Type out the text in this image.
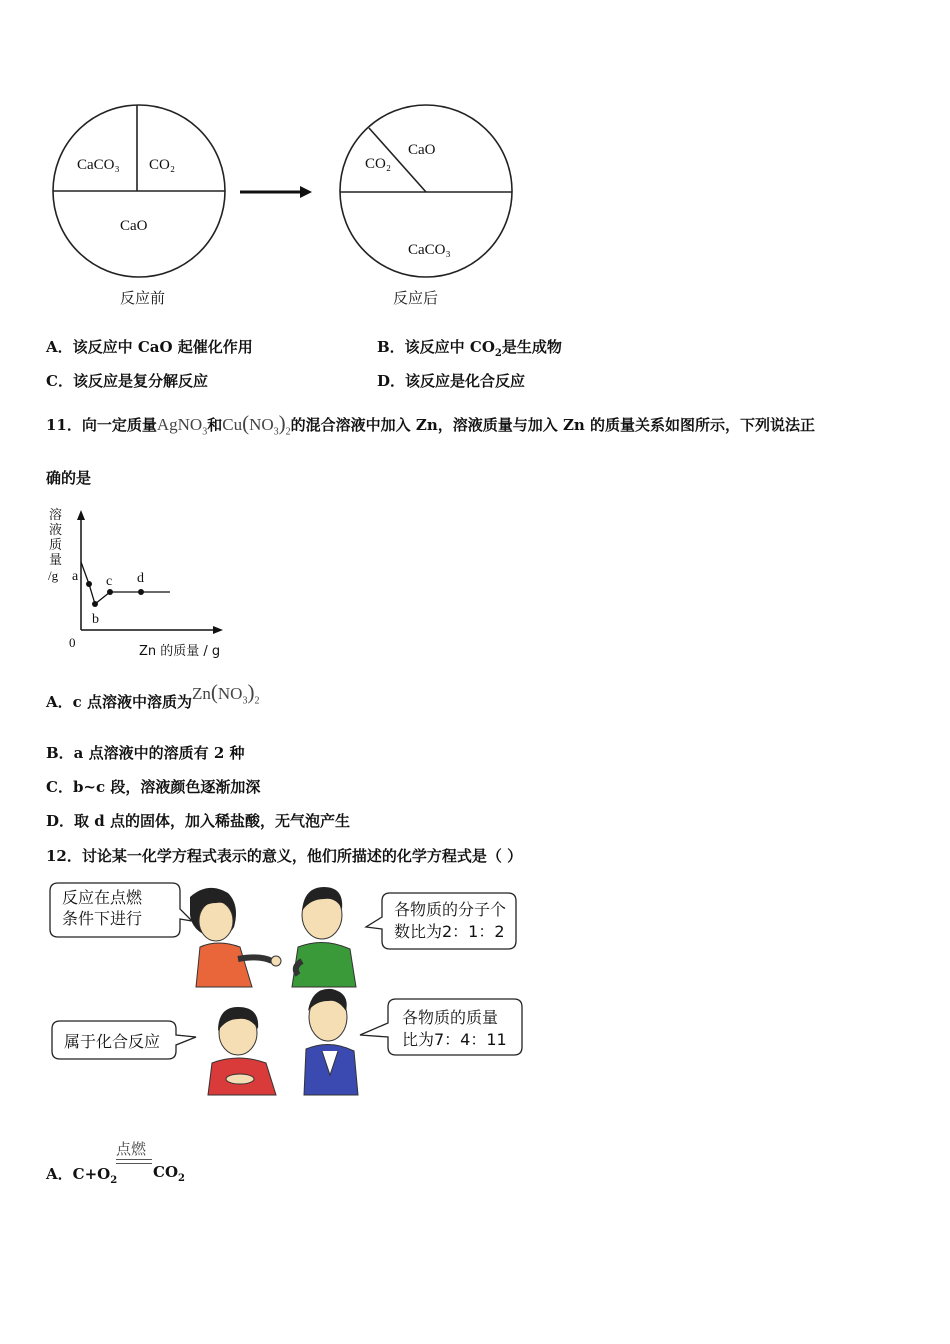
CaCO₃ CO₂
CaO
反应前
CO₂
CaO
CaCO₃
反应后
A．该反应中 CaO 起催化作用	B．该反应中 $CO_2$是生成物
C．该反应是复分解反应	D．该反应是化合反应
11．向一定质量AgNO$_3$和$Cu(NO_3)_2$的混合溶液中加入 Zn，溶液质量与加入 Zn 的质量关系如图所示，下列说法正
确的是
溶
液
质
量
/g
0
Zn 的质量 / g
a
b
c d
A．c 点溶液中溶质为$Zn(NO_3)_2$
B．a 点溶液中的溶质有 2 种
C．b~c 段，溶液颜色逐渐加深
D．取 d 点的固体，加入稀盐酸，无气泡产生
12．讨论某一化学方程式表示的意义，他们所描述的化学方程式是（ ）
反应在点燃
条件下进行	各物质的分子个
数比为2：1：2
属于化合反应
各物质的质量
比为7：4：11
点燃
A．$C+O_2$ $CO_2$
